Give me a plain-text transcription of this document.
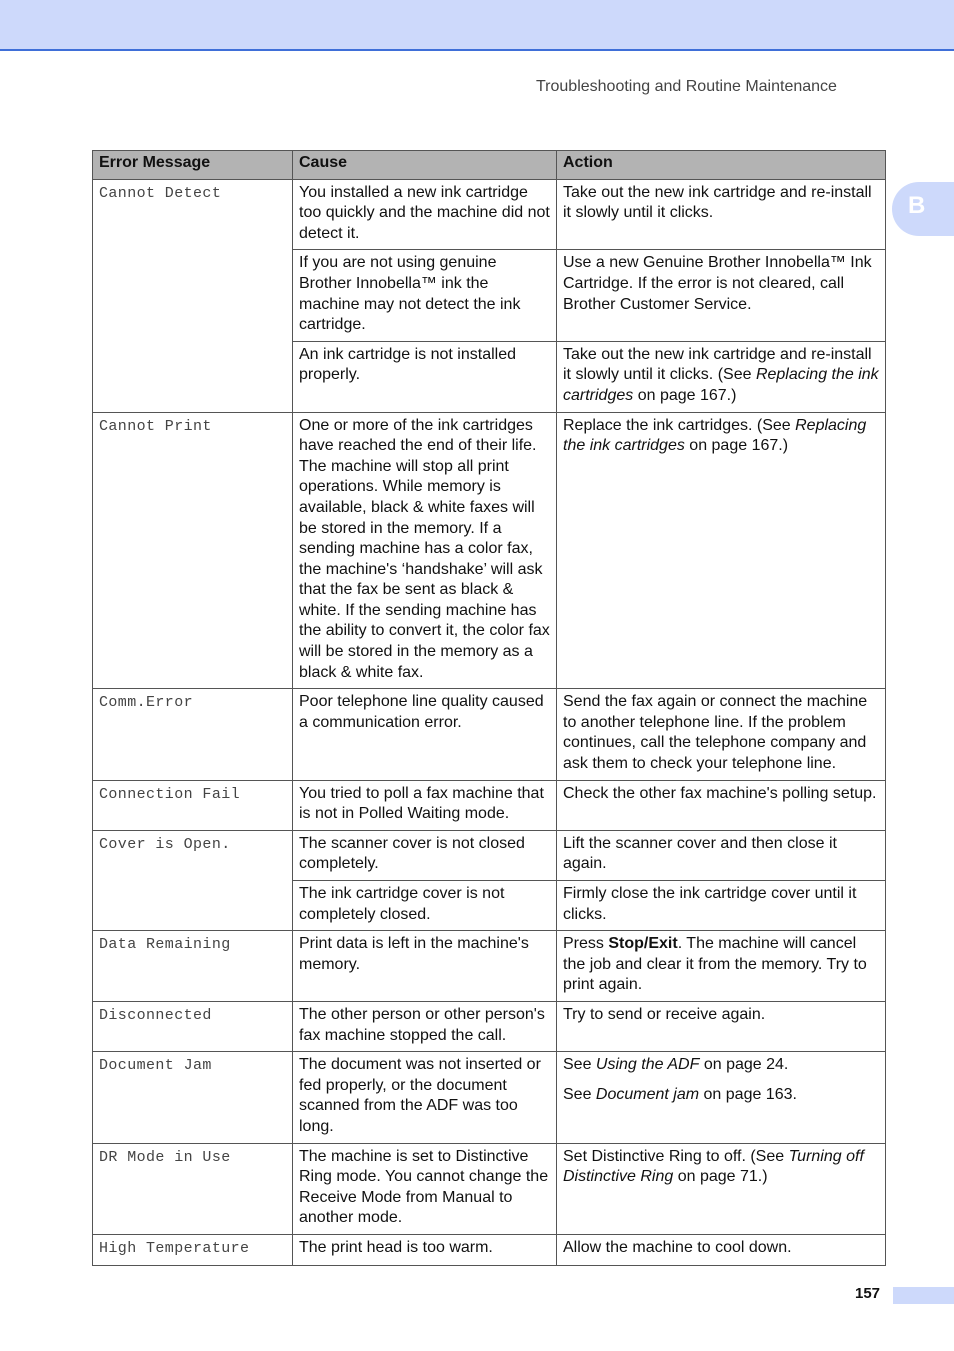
Troubleshooting and Routine Maintenance
B
Error Message	Cause	Action
Cannot Detect	You installed a new ink cartridge too quickly and the machine did not detect it.	Take out the new ink cartridge and re-install it slowly until it clicks.
	If you are not using genuine Brother Innobella™ ink the machine may not detect the ink cartridge.	Use a new Genuine Brother Innobella™ Ink Cartridge. If the error is not cleared, call Brother Customer Service.
	An ink cartridge is not installed properly.	Take out the new ink cartridge and re-install it slowly until it clicks. (See Replacing the ink cartridges on page 167.)
Cannot Print	One or more of the ink cartridges have reached the end of their life. The machine will stop all print operations. While memory is available, black & white faxes will be stored in the memory. If a sending machine has a color fax, the machine's ‘handshake’ will ask that the fax be sent as black & white. If the sending machine has the ability to convert it, the color fax will be stored in the memory as a black & white fax.	Replace the ink cartridges. (See Replacing the ink cartridges on page 167.)
Comm.Error	Poor telephone line quality caused a communication error.	Send the fax again or connect the machine to another telephone line. If the problem continues, call the telephone company and ask them to check your telephone line.
Connection Fail	You tried to poll a fax machine that is not in Polled Waiting mode.	Check the other fax machine's polling setup.
Cover is Open.	The scanner cover is not closed completely.	Lift the scanner cover and then close it again.
	The ink cartridge cover is not completely closed.	Firmly close the ink cartridge cover until it clicks.
Data Remaining	Print data is left in the machine's memory.	Press Stop/Exit. The machine will cancel the job and clear it from the memory. Try to print again.
Disconnected	The other person or other person's fax machine stopped the call.	Try to send or receive again.
Document Jam	The document was not inserted or fed properly, or the document scanned from the ADF was too long.	See Using the ADF on page 24.
See Document jam on page 163.

DR Mode in Use	The machine is set to Distinctive Ring mode. You cannot change the Receive Mode from Manual to another mode.	Set Distinctive Ring to off. (See Turning off Distinctive Ring on page 71.)
High Temperature	The print head is too warm.	Allow the machine to cool down.
157
